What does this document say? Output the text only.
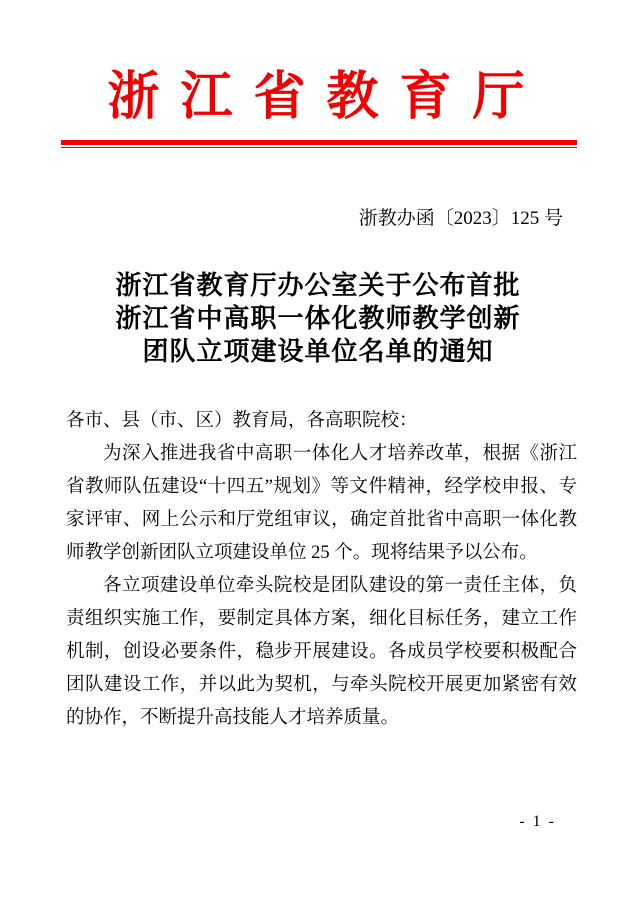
浙 江 省 教 育 厅
浙教办函〔2023〕125 号
浙江省教育厅办公室关于公布首批
浙江省中高职一体化教师教学创新
团队立项建设单位名单的通知

各市、县（市、区）教育局，各高职院校：

为深入推进我省中高职一体化人才培养改革，根据《浙江省教师队伍建设“十四五”规划》等文件精神，经学校申报、专家评审、网上公示和厅党组审议，确定首批省中高职一体化教师教学创新团队立项建设单位 25 个。现将结果予以公布。

各立项建设单位牵头院校是团队建设的第一责任主体，负责组织实施工作，要制定具体方案，细化目标任务，建立工作机制，创设必要条件，稳步开展建设。各成员学校要积极配合团队建设工作，并以此为契机，与牵头院校开展更加紧密有效的协作，不断提升高技能人才培养质量。

- 1 -
